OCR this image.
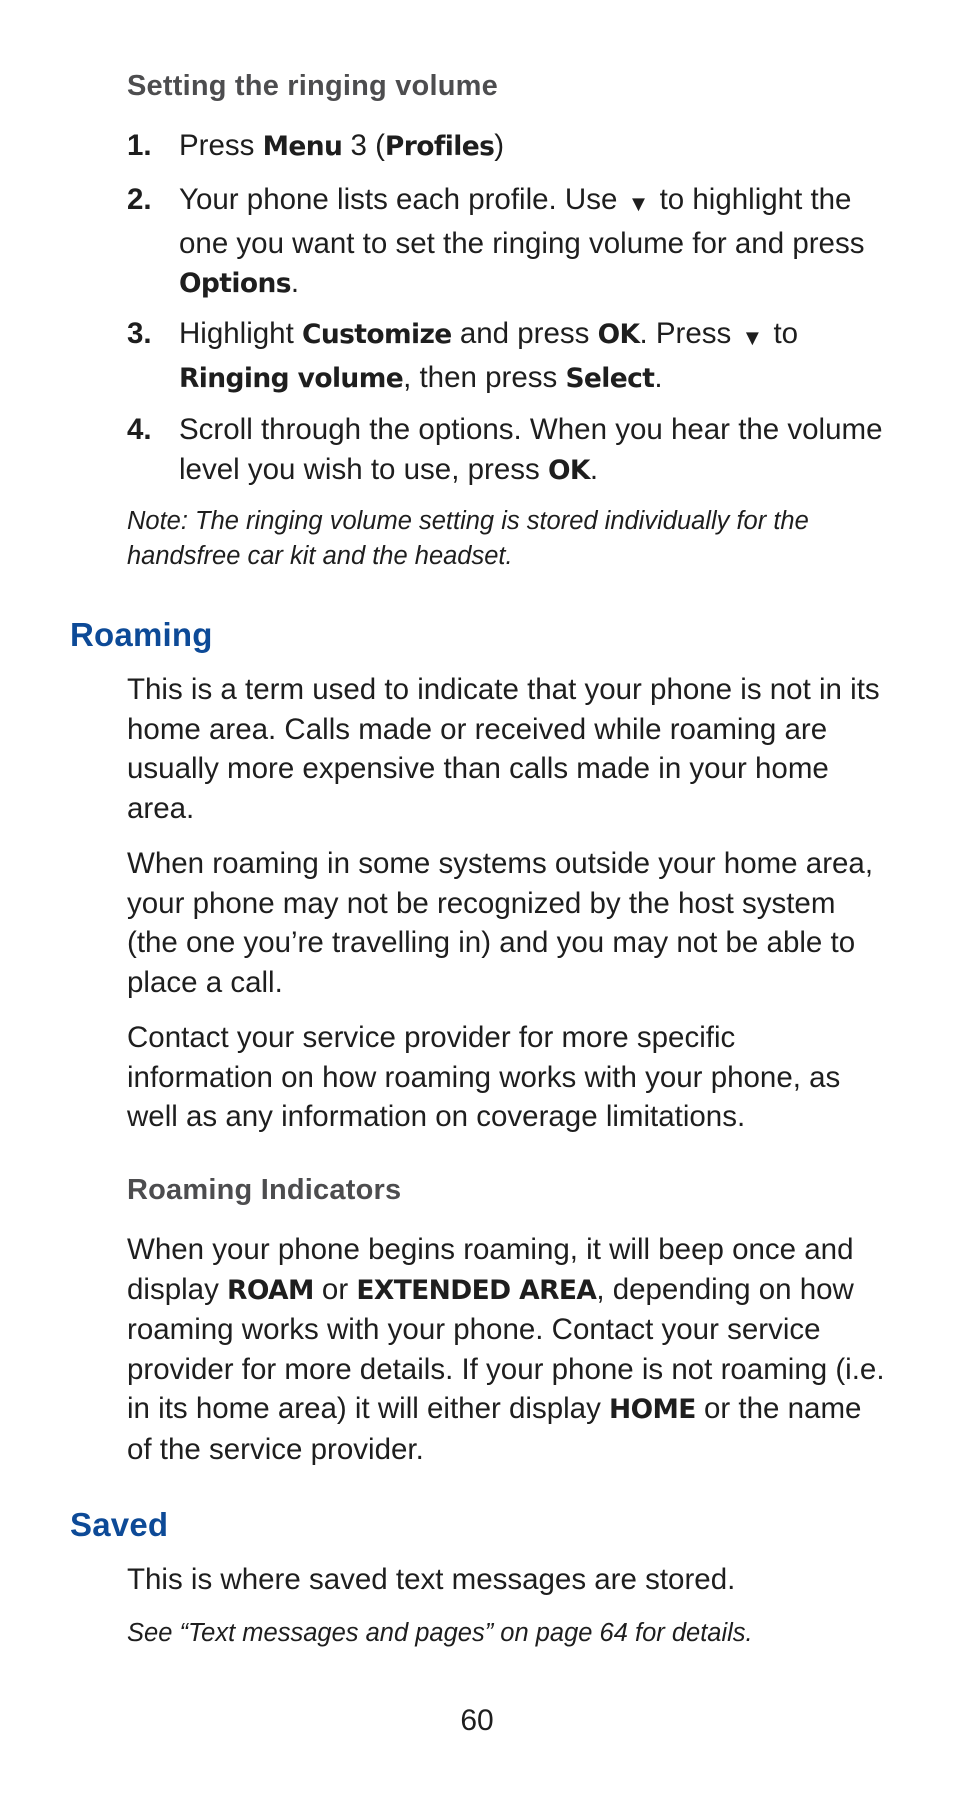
Setting the ringing volume
1. Press Menu 3 (Profiles)
2. Your phone lists each profile. Use ▼ to highlight the one you want to set the ringing volume for and press Options.
3. Highlight Customize and press OK. Press ▼ to Ringing volume, then press Select.
4. Scroll through the options. When you hear the volume level you wish to use, press OK.

Note: The ringing volume setting is stored individually for the handsfree car kit and the headset.

Roaming

This is a term used to indicate that your phone is not in its home area. Calls made or received while roaming are usually more expensive than calls made in your home area.

When roaming in some systems outside your home area, your phone may not be recognized by the host system (the one you’re travelling in) and you may not be able to place a call.

Contact your service provider for more specific information on how roaming works with your phone, as well as any information on coverage limitations.

Roaming Indicators

When your phone begins roaming, it will beep once and display ROAM or EXTENDED AREA, depending on how roaming works with your phone. Contact your service provider for more details. If your phone is not roaming (i.e. in its home area) it will either display HOME or the name of the service provider.

Saved

This is where saved text messages are stored.

See “Text messages and pages” on page 64 for details.

60
